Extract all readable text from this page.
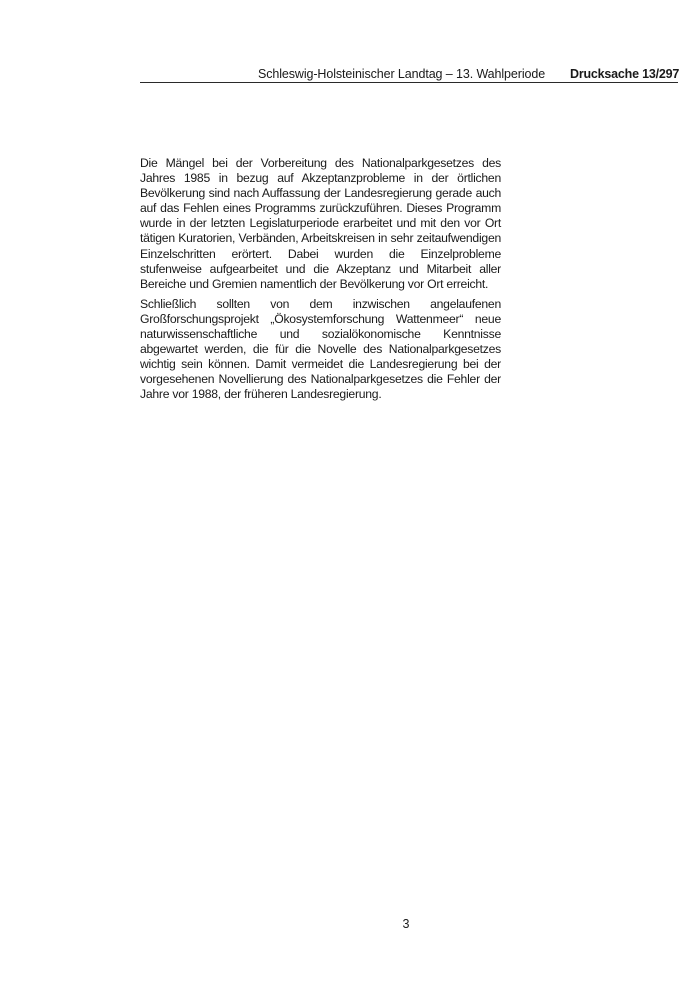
Schleswig-Holsteinischer Landtag – 13. Wahlperiode Drucksache 13/297

Die Mängel bei der Vorbereitung des Nationalparkgesetzes des Jahres 1985 in bezug auf Akzeptanzprobleme in der örtlichen Bevölkerung sind nach Auffassung der Landesregierung gerade auch auf das Fehlen eines Programms zurückzuführen. Dieses Programm wurde in der letzten Legislaturperiode erarbeitet und mit den vor Ort tätigen Kuratorien, Verbänden, Arbeitskreisen in sehr zeitaufwendigen Einzelschritten erörtert. Dabei wurden die Einzelprobleme stufenweise aufgearbeitet und die Akzeptanz und Mitarbeit aller Bereiche und Gremien namentlich der Bevölkerung vor Ort erreicht.

Schließlich sollten von dem inzwischen angelaufenen Großforschungsprojekt „Ökosystemforschung Wattenmeer“ neue naturwissenschaftliche und sozialökonomische Kenntnisse abgewartet werden, die für die Novelle des Nationalparkgesetzes wichtig sein können. Damit vermeidet die Landesregierung bei der vorgesehenen Novellierung des Nationalparkgesetzes die Fehler der Jahre vor 1988, der früheren Landesregierung.

3
